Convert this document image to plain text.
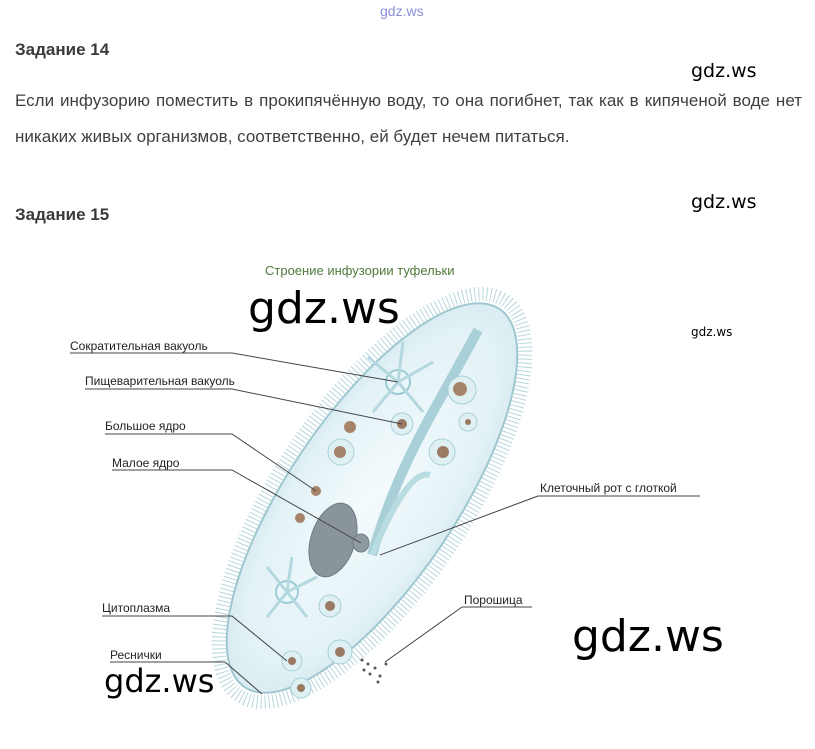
gdz.ws
Задание 14
Если инфузорию поместить в прокипячённую воду, то она погибнет, так как в кипяченой воде нет никаких живых организмов, соответственно, ей будет нечем питаться.
Задание 15
Строение инфузории туфельки
Сократительная вакуоль
Пищеварительная вакуоль
Большое ядро
Малое ядро
Клеточный рот с глоткой
Цитоплазма
Порошица
Реснички
gdz.ws
gdz.ws
gdz.ws	gdz.ws
gdz.ws
gdz.ws
